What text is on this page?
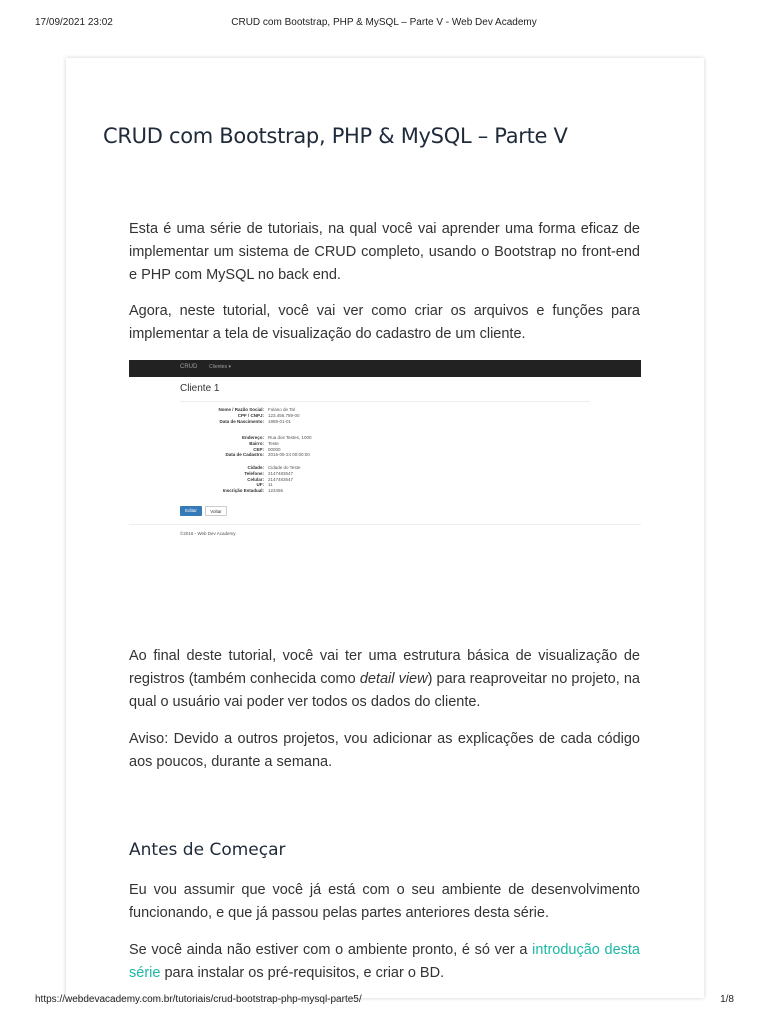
17/09/2021 23:02	CRUD com Bootstrap, PHP & MySQL – Parte V - Web Dev Academy
CRUD com Bootstrap, PHP & MySQL – Parte V

Esta é uma série de tutoriais, na qual você vai aprender uma forma eficaz de implementar um sistema de CRUD completo, usando o Bootstrap no front-end e PHP com MySQL no back end.

Agora, neste tutorial, você vai ver como criar os arquivos e funções para implementar a tela de visualização do cadastro de um cliente.

CRUD Clientes ▾
Cliente 1
Nome / Razão Social: Fulano de Tal
CPF / CNPJ: 123.456.789-00
Data de Nascimento: 1989-01-01
Endereço: Rua dos Testes, 1000
Bairro: Teste
CEP: 00000
Data de Cadastro: 2016-05-24 00:00:00
Cidade: Cidade do Teste
Telefone: 2147483647
Celular: 2147483647
UF: 11
Inscrição Estadual: 123456
Editar	Voltar
©2016 - Web Dev Academy

Ao final deste tutorial, você vai ter uma estrutura básica de visualização de registros (também conhecida como detail view) para reaproveitar no projeto, na qual o usuário vai poder ver todos os dados do cliente.

Aviso: Devido a outros projetos, vou adicionar as explicações de cada código aos poucos, durante a semana.

Antes de Começar

Eu vou assumir que você já está com o seu ambiente de desenvolvimento funcionando, e que já passou pelas partes anteriores desta série.

Se você ainda não estiver com o ambiente pronto, é só ver a introdução desta série para instalar os pré-requisitos, e criar o BD.

https://webdevacademy.com.br/tutoriais/crud-bootstrap-php-mysql-parte5/	1/8
